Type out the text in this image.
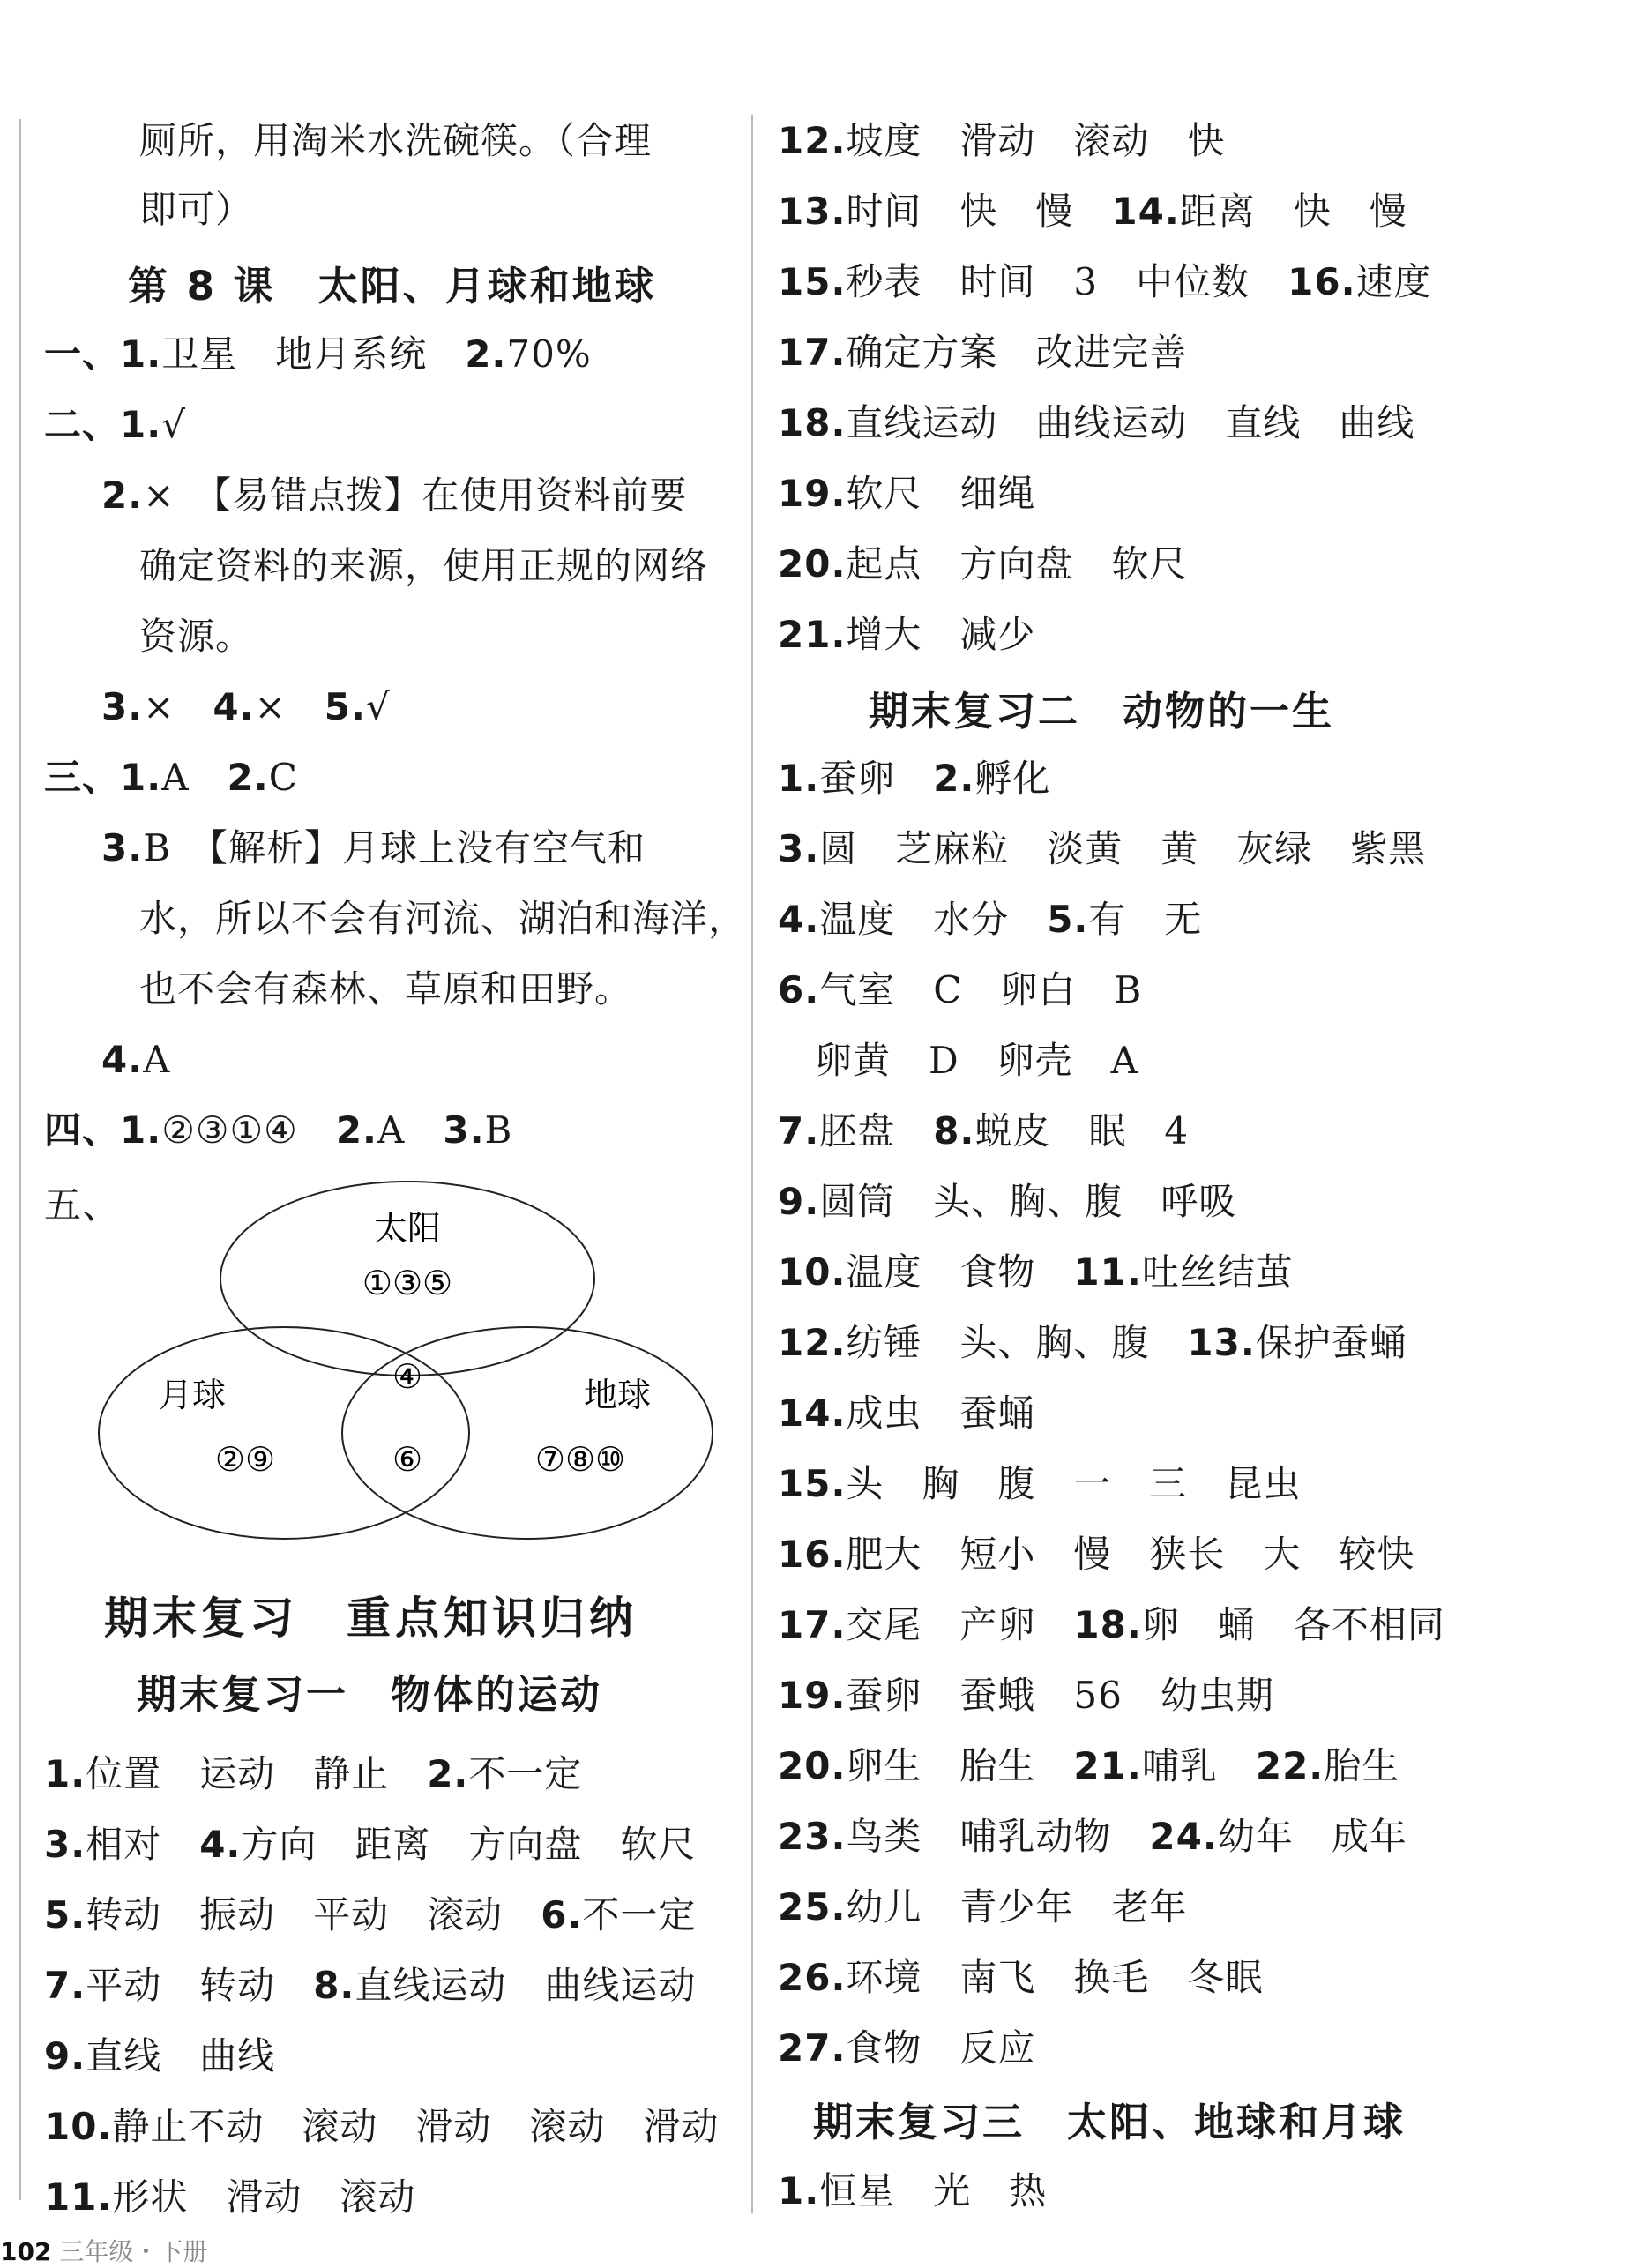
厕所，用淘米水洗碗筷。（合理
即可）
第 8 课　太阳、月球和地球
一、1.卫星　地月系统　2.70%
二、1.√
2.×　【易错点拨】在使用资料前要
确定资料的来源，使用正规的网络
资源。
3.×　4.×　5.√
三、1.A　2.C
3.B　【解析】月球上没有空气和
水，所以不会有河流、湖泊和海洋，
也不会有森林、草原和田野。
4.A
四、1.②③①④　2.A　3.B
五、
太阳
①③⑤
月球
②⑨
地球
⑦⑧⑩
④
⑥
期末复习　重点知识归纳
期末复习一　物体的运动
1.位置　运动　静止　2.不一定
3.相对　4.方向　距离　方向盘　软尺
5.转动　振动　平动　滚动　6.不一定
7.平动　转动　8.直线运动　曲线运动
9.直线　曲线
10.静止不动　滚动　滑动　滚动　滑动
11.形状　滑动　滚动
12.坡度　滑动　滚动　快
13.时间　快　慢　14.距离　快　慢
15.秒表　时间　3　中位数　16.速度
17.确定方案　改进完善
18.直线运动　曲线运动　直线　曲线
19.软尺　细绳
20.起点　方向盘　软尺
21.增大　减少
期末复习二　动物的一生
1.蚕卵　2.孵化
3.圆　芝麻粒　淡黄　黄　灰绿　紫黑
4.温度　水分　5.有　无
6.气室　C　卵白　B
卵黄　D　卵壳　A
7.胚盘　8.蜕皮　眠　4
9.圆筒　头、胸、腹　呼吸
10.温度　食物　11.吐丝结茧
12.纺锤　头、胸、腹　13.保护蚕蛹
14.成虫　蚕蛹
15.头　胸　腹　一　三　昆虫
16.肥大　短小　慢　狭长　大　较快
17.交尾　产卵　18.卵　蛹　各不相同
19.蚕卵　蚕蛾　56　幼虫期
20.卵生　胎生　21.哺乳　22.胎生
23.鸟类　哺乳动物　24.幼年　成年
25.幼儿　青少年　老年
26.环境　南飞　换毛　冬眠
27.食物　反应
期末复习三　太阳、地球和月球
1.恒星　光　热
102 三年级・下册
